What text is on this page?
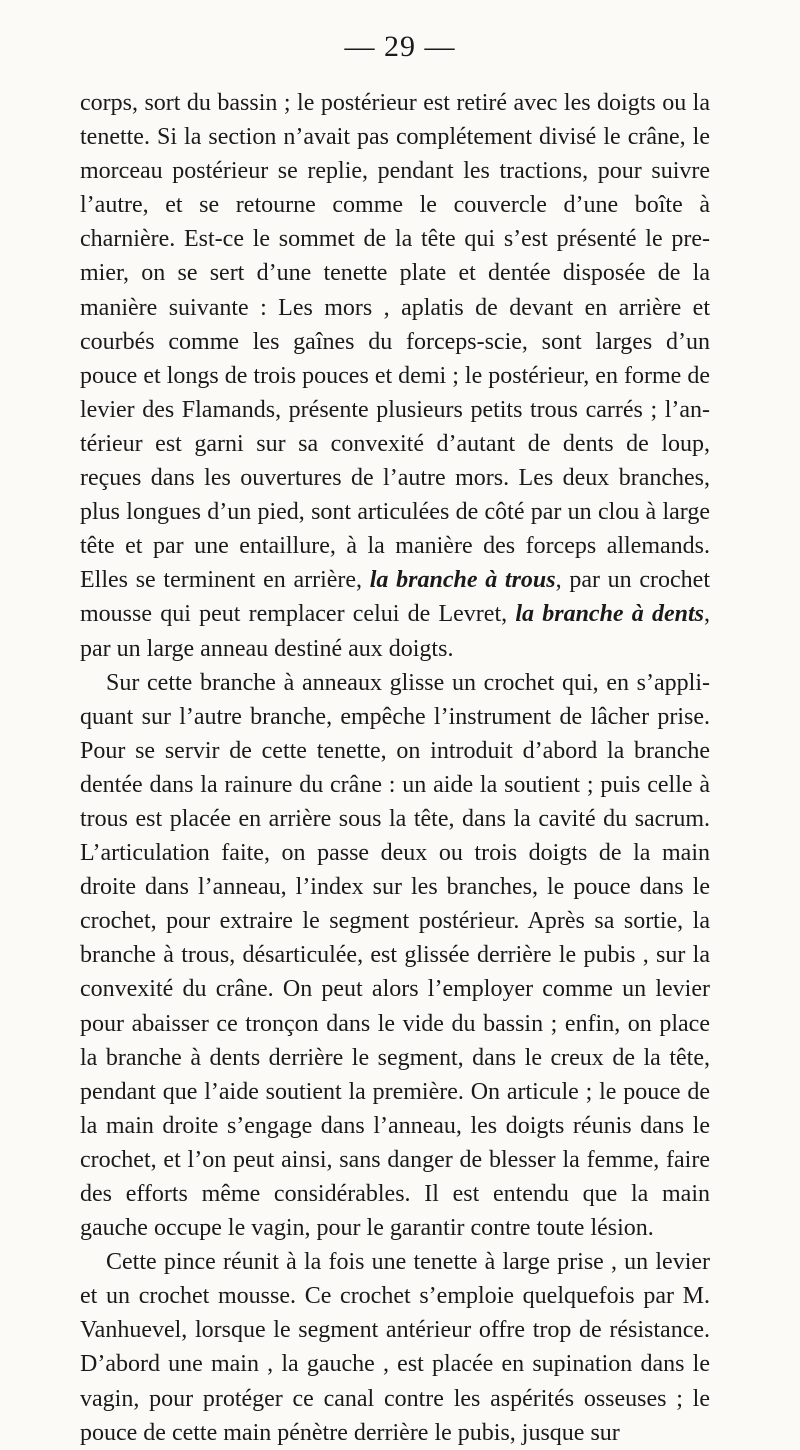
— 29 —

corps, sort du bassin ; le postérieur est retiré avec les doigts ou la tenette. Si la section n’avait pas complétement divisé le crâne, le morceau postérieur se replie, pendant les tractions, pour suivre l’autre, et se retourne comme le couvercle d’une boîte à charnière. Est-ce le sommet de la tête qui s’est présenté le premier, on se sert d’une tenette plate et dentée disposée de la manière suivante : Les mors , aplatis de devant en arrière et courbés comme les gaînes du forceps-scie, sont larges d’un pouce et longs de trois pouces et demi ; le postérieur, en forme de levier des Flamands, présente plusieurs petits trous carrés ; l’antérieur est garni sur sa convexité d’autant de dents de loup, reçues dans les ouvertures de l’autre mors. Les deux branches, plus longues d’un pied, sont articulées de côté par un clou à large tête et par une entaillure, à la manière des forceps allemands. Elles se terminent en arrière, la branche à trous, par un crochet mousse qui peut remplacer celui de Levret, la branche à dents, par un large anneau destiné aux doigts.

Sur cette branche à anneaux glisse un crochet qui, en s’appliquant sur l’autre branche, empêche l’instrument de lâcher prise. Pour se servir de cette tenette, on introduit d’abord la branche dentée dans la rainure du crâne : un aide la soutient ; puis celle à trous est placée en arrière sous la tête, dans la cavité du sacrum. L’articulation faite, on passe deux ou trois doigts de la main droite dans l’anneau, l’index sur les branches, le pouce dans le crochet, pour extraire le segment postérieur. Après sa sortie, la branche à trous, désarticulée, est glissée derrière le pubis , sur la convexité du crâne. On peut alors l’employer comme un levier pour abaisser ce tronçon dans le vide du bassin ; enfin, on place la branche à dents derrière le segment, dans le creux de la tête, pendant que l’aide soutient la première. On articule ; le pouce de la main droite s’engage dans l’anneau, les doigts réunis dans le crochet, et l’on peut ainsi, sans danger de blesser la femme, faire des efforts même considérables. Il est entendu que la main gauche occupe le vagin, pour le garantir contre toute lésion.

Cette pince réunit à la fois une tenette à large prise , un levier et un crochet mousse. Ce crochet s’emploie quelquefois par M. Vanhuevel, lorsque le segment antérieur offre trop de résistance. D’abord une main , la gauche , est placée en supination dans le vagin, pour protéger ce canal contre les aspérités osseuses ; le pouce de cette main pénètre derrière le pubis, jusque sur
